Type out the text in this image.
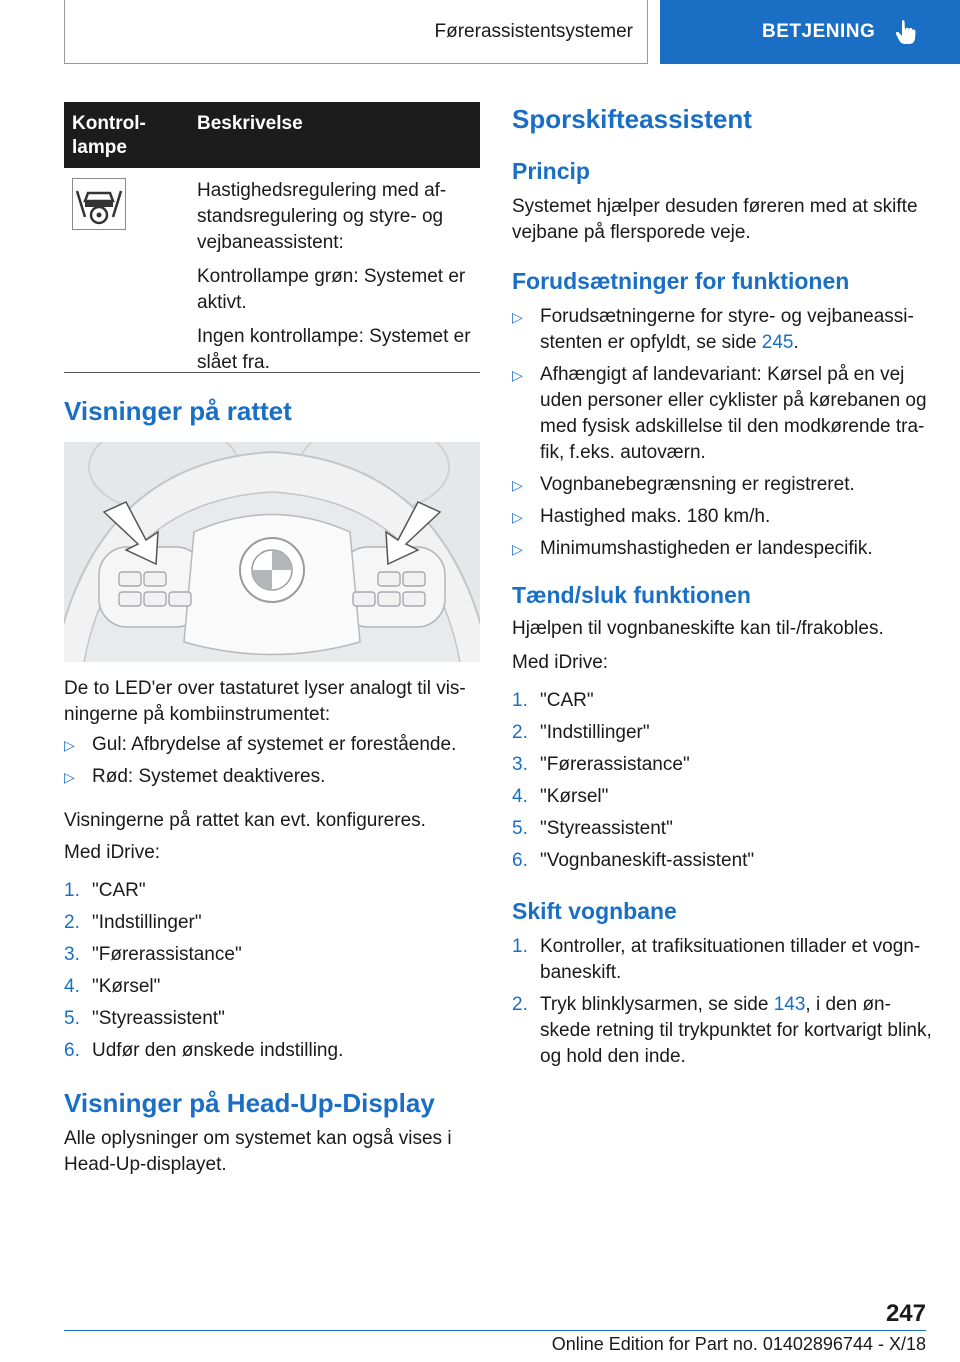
Førerassistentsystemer	BETJENING
Kontrol-lampe
Beskrivelse

Hastighedsregulering med af-standsregulering og styre- og vejbaneassistent:

Kontrollampe grøn: Systemet er aktivt.

Ingen kontrollampe: Systemet er slået fra.

Visninger på rattet

De to LED'er over tastaturet lyser analogt til vis-ningerne på kombiinstrumentet:

▷ Gul: Afbrydelse af systemet er forestående.
▷ Rød: Systemet deaktiveres.

Visningerne på rattet kan evt. konfigureres.

Med iDrive:

1. "CAR"
2. "Indstillinger"
3. "Førerassistance"
4. "Kørsel"
5. "Styreassistent"
6. Udfør den ønskede indstilling.
Visninger på Head-Up-Display

Alle oplysninger om systemet kan også vises i Head-Up-displayet.

Sporskifteassistent
Princip

Systemet hjælper desuden føreren med at skifte vejbane på flersporede veje.

Forudsætninger for funktionen
▷ Forudsætningerne for styre- og vejbaneassi-stenten er opfyldt, se side 245.
▷ Afhængigt af landevariant: Kørsel på en vej uden personer eller cyklister på kørebanen og med fysisk adskillelse til den modkørende tra-fik, f.eks. autoværn.
▷ Vognbanebegrænsning er registreret.
▷ Hastighed maks. 180 km/h.
▷ Minimumshastigheden er landespecifik.
Tænd/sluk funktionen

Hjælpen til vognbaneskifte kan til-/frakobles.

Med iDrive:

1. "CAR"
2. "Indstillinger"
3. "Førerassistance"
4. "Kørsel"
5. "Styreassistent"
6. "Vognbaneskift-assistent"
Skift vognbane
1. Kontroller, at trafiksituationen tillader et vogn-baneskift.
2. Tryk blinklysarmen, se side 143, i den øn-skede retning til trykpunktet for kortvarigt blink, og hold den inde.
247
Online Edition for Part no. 01402896744 - X/18
